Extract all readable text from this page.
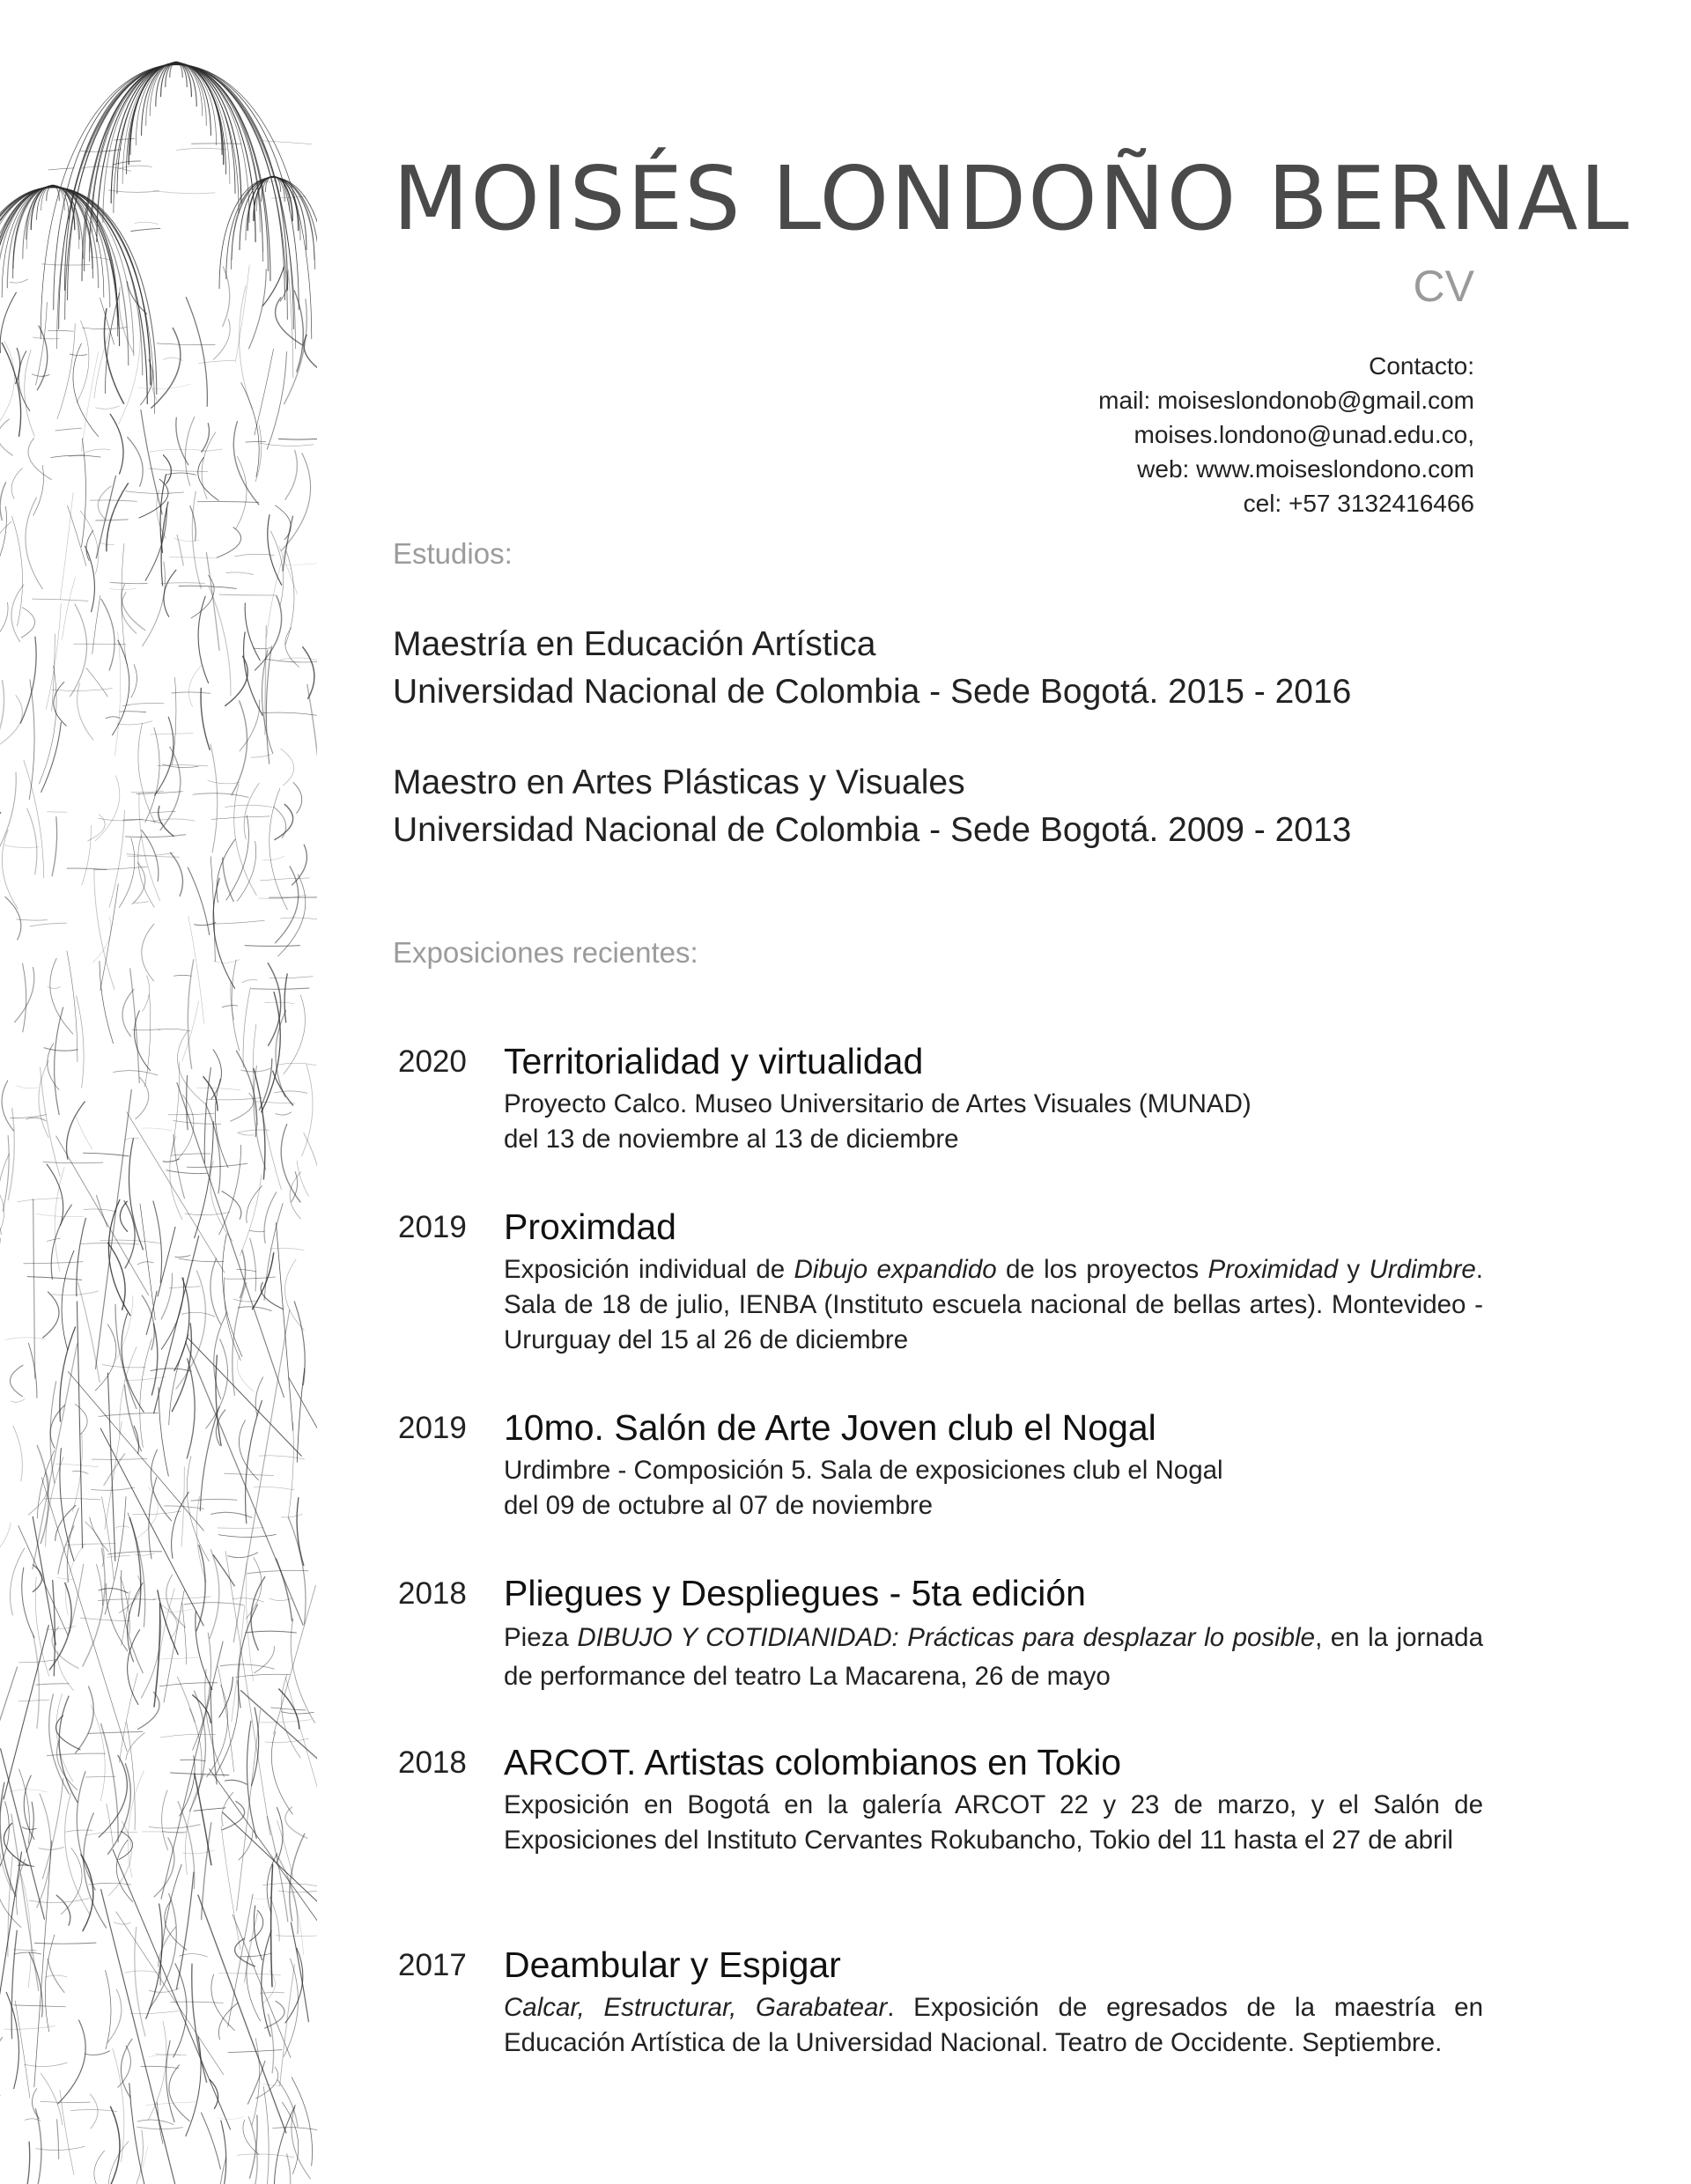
MOISÉS LONDOÑO BERNAL
CV
Contacto:
mail: moiseslondonob@gmail.com
moises.londono@unad.edu.co,
web: www.moiseslondono.com
cel: +57 3132416466
Estudios:
Maestría en Educación Artística
Universidad Nacional de Colombia - Sede Bogotá. 2015 - 2016
Maestro en Artes Plásticas y Visuales
Universidad Nacional de Colombia - Sede Bogotá. 2009 - 2013
Exposiciones recientes:
2020	Territorialidad y virtualidad
Proyecto Calco. Museo Universitario de Artes Visuales (MUNAD)
del 13 de noviembre al 13 de diciembre
2019	Proximdad
Exposición individual de Dibujo expandido de los proyectos Proximidad y Urdimbre. Sala de 18 de julio, IENBA (Instituto escuela nacional de bellas artes). Montevideo - Ururguay del 15 al 26 de diciembre
2019	10mo. Salón de Arte Joven club el Nogal
Urdimbre - Composición 5. Sala de exposiciones club el Nogal
del 09 de octubre al 07 de noviembre
2018	Pliegues y Despliegues - 5ta edición
Pieza DIBUJO Y COTIDIANIDAD: Prácticas para desplazar lo posible, en la jornada de performance del teatro La Macarena, 26 de mayo
2018	ARCOT. Artistas colombianos en Tokio
Exposición en Bogotá en la galería ARCOT 22 y 23 de marzo, y el Salón de Exposiciones del Instituto Cervantes Rokubancho, Tokio del 11 hasta el 27 de abril
2017	Deambular y Espigar
Calcar, Estructurar, Garabatear. Exposición de egresados de la maestría en Educación Artística de la Universidad Nacional. Teatro de Occidente. Septiembre.
